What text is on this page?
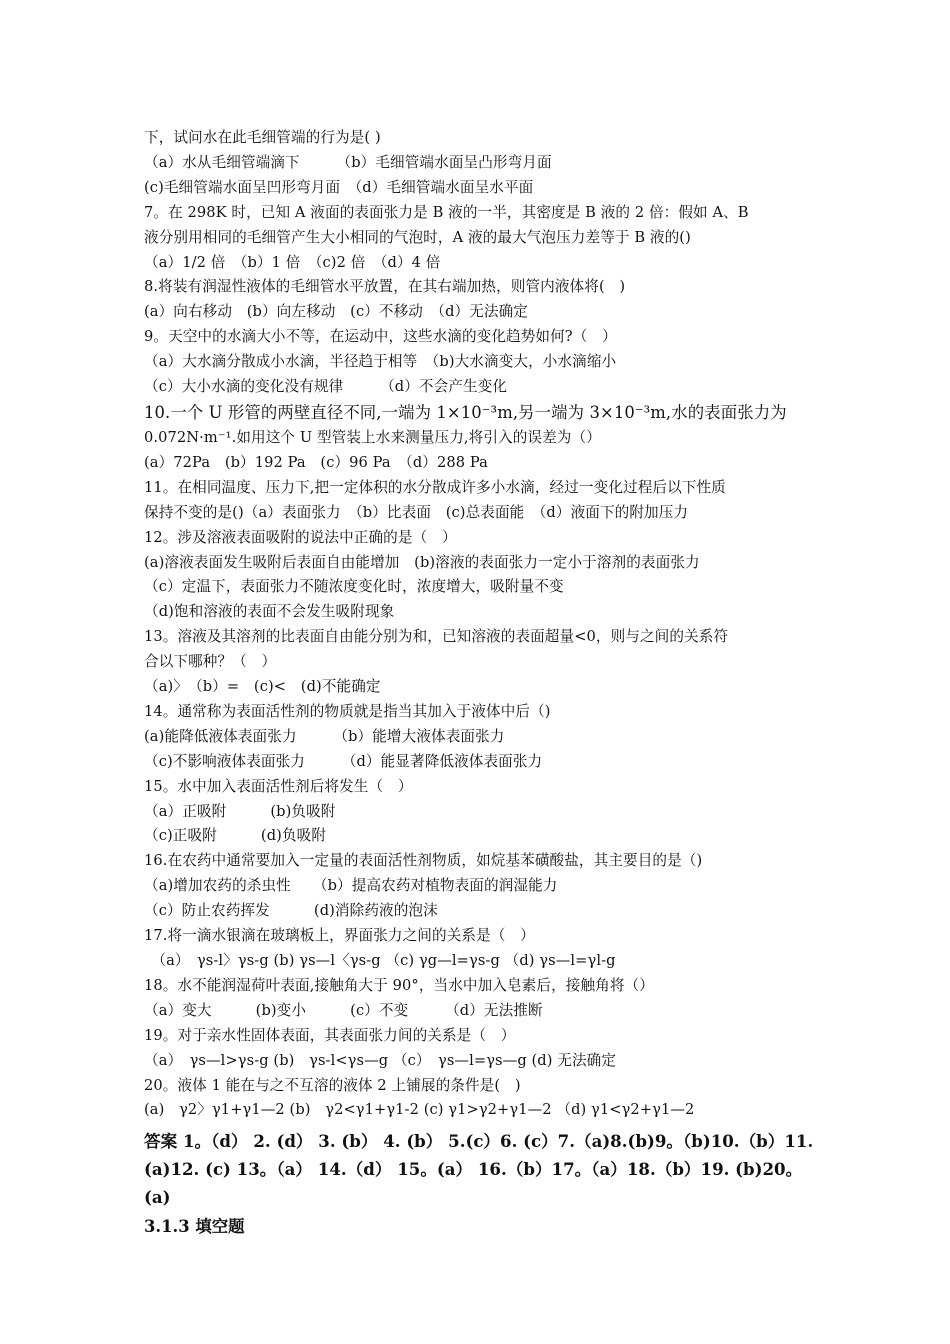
下，试问水在此毛细管端的行为是( )
（a）水从毛细管端滴下　　　（b）毛细管端水面呈凸形弯月面
(c)毛细管端水面呈凹形弯月面　（d）毛细管端水面呈水平面
7。在 298K 时，已知 A 液面的表面张力是 B 液的一半，其密度是 B 液的 2 倍：假如 A、B
液分别用相同的毛细管产生大小相同的气泡时，A 液的最大气泡压力差等于 B 液的()
（a）1/2 倍　（b）1 倍　（c)2 倍　（d）4 倍
8.将装有润湿性液体的毛细管水平放置，在其右端加热，则管内液体将(　)
(a）向右移动　(b）向左移动　(c）不移动　（d）无法确定
9。天空中的水滴大小不等，在运动中，这些水滴的变化趋势如何?（　）
（a）大水滴分散成小水滴，半径趋于相等　（b)大水滴变大，小水滴缩小
（c）大小水滴的变化没有规律　　　（d）不会产生变化
10.一个 U 形管的两壁直径不同,一端为 1×10⁻³m,另一端为 3×10⁻³m,水的表面张力为
0.072N·m⁻¹.如用这个 U 型管装上水来测量压力,将引入的误差为（）
(a）72Pa　(b）192 Pa　(c）96 Pa　（d）288 Pa
11。在相同温度、压力下,把一定体积的水分散成许多小水滴，经过一变化过程后以下性质
保持不变的是()（a）表面张力　（b）比表面　(c)总表面能　（d）液面下的附加压力
12。涉及溶液表面吸附的说法中正确的是（　）
(a)溶液表面发生吸附后表面自由能增加　(b)溶液的表面张力一定小于溶剂的表面张力
（c）定温下，表面张力不随浓度变化时，浓度增大，吸附量不变
（d)饱和溶液的表面不会发生吸附现象
13。溶液及其溶剂的比表面自由能分别为和，已知溶液的表面超量<0，则与之间的关系符
合以下哪种？（　）
（a)〉　（b）=　(c)<　(d)不能确定
14。通常称为表面活性剂的物质就是指当其加入于液体中后（)
(a)能降低液体表面张力　　　（b）能增大液体表面张力
（c)不影响液体表面张力　　　（d）能显著降低液体表面张力
15。水中加入表面活性剂后将发生（　）
（a）正吸附　　　(b)负吸附
（c)正吸附　　　(d)负吸附
16.在农药中通常要加入一定量的表面活性剂物质，如烷基苯磺酸盐，其主要目的是（)
（a)增加农药的杀虫性　　（b）提高农药对植物表面的润湿能力
（c）防止农药挥发　　　(d)消除药液的泡沫
17.将一滴水银滴在玻璃板上，界面张力之间的关系是（　）
　（a）　γs-l〉γs-g (b) γs—l〈γs-g （c) γg—l=γs-g （d) γs—l=γl-g
18。水不能润湿荷叶表面,接触角大于 90°，当水中加入皂素后，接触角将（）
（a）变大　　　(b)变小　　　(c）不变　　　（d）无法推断
19。对于亲水性固体表面，其表面张力间的关系是（　）
（a）　γs—l>γs-g (b)　γs-l<γs—g （c）　γs—l=γs—g (d) 无法确定
20。液体 1 能在与之不互溶的液体 2 上铺展的条件是(　)
(a)　γ2〉γ1+γ1—2 (b)　γ2<γ1+γ1-2 (c) γ1>γ2+γ1—2 （d) γ1<γ2+γ1—2
答案 1。（d） 2. (d） 3. (b） 4. (b） 5.(c）6. (c）7.（a)8.(b)9。（b)10.（b）11.(a)12. (c) 13。（a） 14.（d） 15。(a） 16.（b）17。（a）18.（b）19. (b)20。(a)
3.1.3 填空题
